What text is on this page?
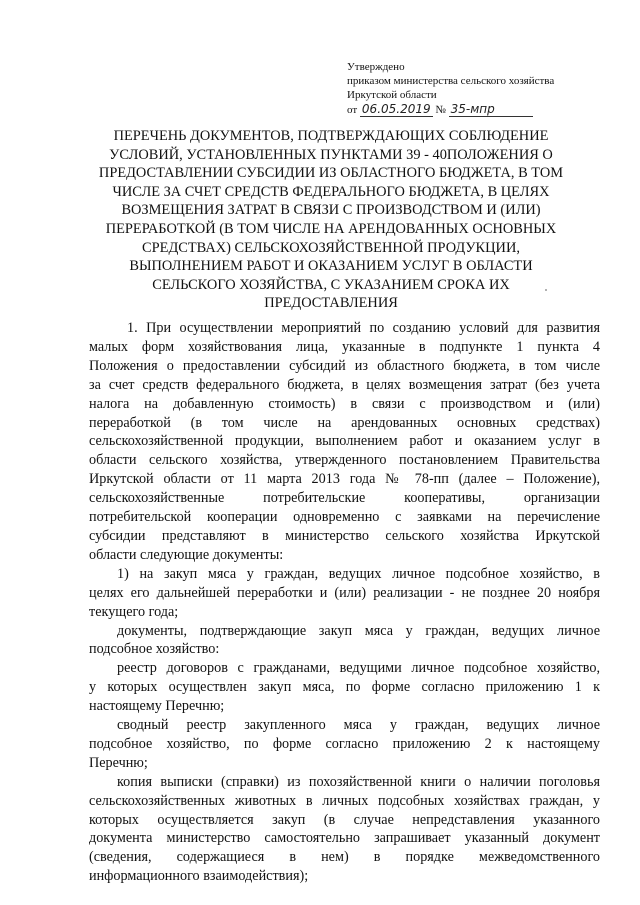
Утверждено
приказом министерства сельского хозяйства
Иркутской области
от 06.05.2019 № 35-мпр
ПЕРЕЧЕНЬ ДОКУМЕНТОВ, ПОДТВЕРЖДАЮЩИХ СОБЛЮДЕНИЕ
УСЛОВИЙ, УСТАНОВЛЕННЫХ ПУНКТАМИ 39 - 40ПОЛОЖЕНИЯ О
ПРЕДОСТАВЛЕНИИ СУБСИДИИ ИЗ ОБЛАСТНОГО БЮДЖЕТА, В ТОМ
ЧИСЛЕ ЗА СЧЕТ СРЕДСТВ ФЕДЕРАЛЬНОГО БЮДЖЕТА, В ЦЕЛЯХ
ВОЗМЕЩЕНИЯ ЗАТРАТ В СВЯЗИ С ПРОИЗВОДСТВОМ И (ИЛИ)
ПЕРЕРАБОТКОЙ (В ТОМ ЧИСЛЕ НА АРЕНДОВАННЫХ ОСНОВНЫХ
СРЕДСТВАХ) СЕЛЬСКОХОЗЯЙСТВЕННОЙ ПРОДУКЦИИ,
ВЫПОЛНЕНИЕМ РАБОТ И ОКАЗАНИЕМ УСЛУГ В ОБЛАСТИ
СЕЛЬСКОГО ХОЗЯЙСТВА, С УКАЗАНИЕМ СРОКА ИХ
ПРЕДОСТАВЛЕНИЯ

1. При осуществлении мероприятий по созданию условий для развития
малых форм хозяйствования лица, указанные в подпункте 1 пункта 4
Положения о предоставлении субсидий из областного бюджета, в том числе
за счет средств федерального бюджета, в целях возмещения затрат (без учета
налога на добавленную стоимость) в связи с производством и (или)
переработкой (в том числе на арендованных основных средствах)
сельскохозяйственной продукции, выполнением работ и оказанием услуг в
области сельского хозяйства, утвержденного постановлением Правительства
Иркутской области от 11 марта 2013 года № 78-пп (далее – Положение),
сельскохозяйственные потребительские кооперативы, организации
потребительской кооперации одновременно с заявками на перечисление
субсидии представляют в министерство сельского хозяйства Иркутской
области следующие документы:

1) на закуп мяса у граждан, ведущих личное подсобное хозяйство, в
целях его дальнейшей переработки и (или) реализации - не позднее 20 ноября
текущего года;

документы, подтверждающие закуп мяса у граждан, ведущих личное
подсобное хозяйство:

реестр договоров с гражданами, ведущими личное подсобное хозяйство,
у которых осуществлен закуп мяса, по форме согласно приложению 1 к
настоящему Перечню;

сводный реестр закупленного мяса у граждан, ведущих личное
подсобное хозяйство, по форме согласно приложению 2 к настоящему
Перечню;

копия выписки (справки) из похозяйственной книги о наличии поголовья
сельскохозяйственных животных в личных подсобных хозяйствах граждан, у
которых осуществляется закуп (в случае непредставления указанного
документа министерство самостоятельно запрашивает указанный документ
(сведения, содержащиеся в нем) в порядке межведомственного
информационного взаимодействия);
